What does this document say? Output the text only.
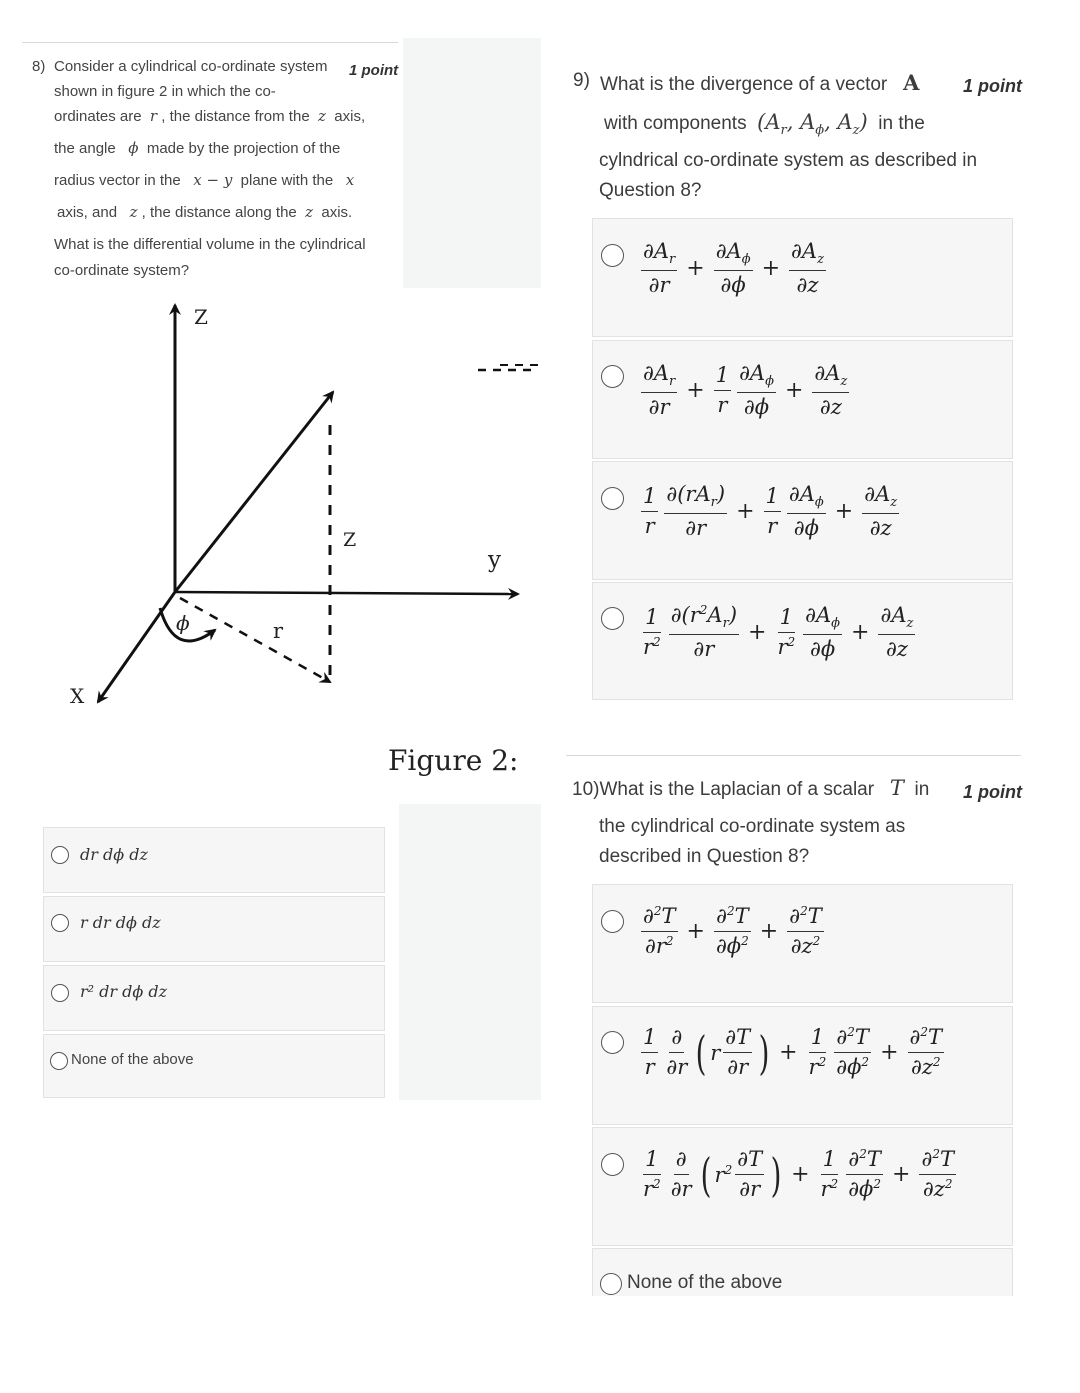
8) Consider a cylindrical co-ordinate system 1 point
shown in figure 2 in which the co-
ordinates are r , the distance from the z axis,
the angle ϕ made by the projection of the
radius vector in the x − y plane with the x
axis, and z , the distance along the z axis.
What is the differential volume in the cylindrical
co-ordinate system?
Z
Z
y
X
r
ϕ
Figure 2:
dr dϕ dz
r dr dϕ dz
r² dr dϕ dz
None of the above
9) What is the divergence of a vector A 1 point
with components ($A_r$, $A_\phi$, $A_z$) in the
cylndrical co-ordinate system as described in
Question 8?
$\frac{\partial A_r}{\partial r} + \frac{\partial A_\phi}{\partial\phi} + \frac{\partial A_z}{\partial z}$
$\frac{\partial A_r}{\partial r} + \frac{1}{r} \frac{\partial A_\phi}{\partial\phi} + \frac{\partial A_z}{\partial z}$
$\frac{1}{r} \frac{\partial(rA_r)}{\partial r} + \frac{1}{r} \frac{\partial A_\phi}{\partial\phi} + \frac{\partial A_z}{\partial z}$
$\frac{1}{r^2} \frac{\partial(r^2A_r)}{\partial r} + \frac{1}{r^2} \frac{\partial A_\phi}{\partial\phi} + \frac{\partial A_z}{\partial z}$
10)What is the Laplacian of a scalar T in 1 point
the cylindrical co-ordinate system as
described in Question 8?
$\frac{\partial^2T}{\partial r^2} + \frac{\partial^2T}{\partial\phi^2} + \frac{\partial^2T}{\partial z^2}$
$\frac{1}{r} \frac{\partial}{\partial r}$ ( r $\frac{\partial T}{\partial r}$ ) + $\frac{1}{r^2} \frac{\partial^2T}{\partial\phi^2} + \frac{\partial^2T}{\partial z^2}$
$\frac{1}{r^2} \frac{\partial}{\partial r}$ ( $r^2 \frac{\partial T}{\partial r}$ ) + $\frac{1}{r^2} \frac{\partial^2T}{\partial\phi^2} + \frac{\partial^2T}{\partial z^2}$
None of the above
